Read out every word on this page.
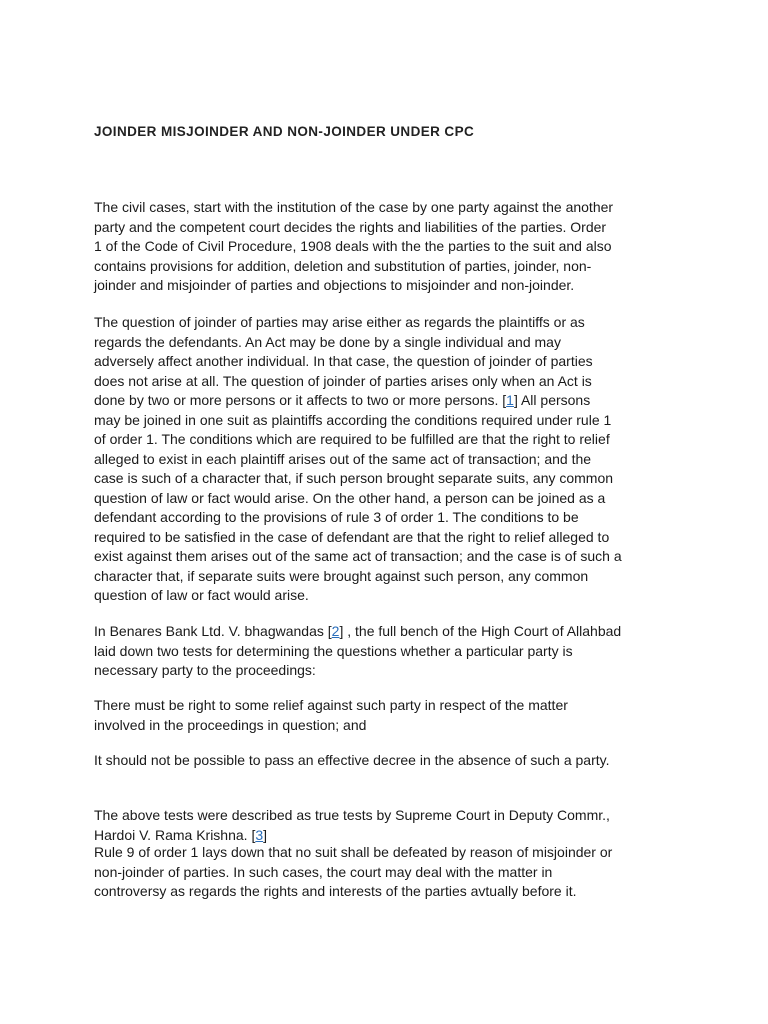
JOINDER MISJOINDER AND NON-JOINDER UNDER CPC
The civil cases, start with the institution of the case by one party against the another
party and the competent court decides the rights and liabilities of the parties. Order
1 of the Code of Civil Procedure, 1908 deals with the the parties to the suit and also
contains provisions for addition, deletion and substitution of parties, joinder, non-
joinder and misjoinder of parties and objections to misjoinder and non-joinder.
The question of joinder of parties may arise either as regards the plaintiffs or as
regards the defendants. An Act may be done by a single individual and may
adversely affect another individual. In that case, the question of joinder of parties
does not arise at all. The question of joinder of parties arises only when an Act is
done by two or more persons or it affects to two or more persons. [1] All persons
may be joined in one suit as plaintiffs according the conditions required under rule 1
of order 1. The conditions which are required to be fulfilled are that the right to relief
alleged to exist in each plaintiff arises out of the same act of transaction; and the
case is such of a character that, if such person brought separate suits, any common
question of law or fact would arise. On the other hand, a person can be joined as a
defendant according to the provisions of rule 3 of order 1. The conditions to be
required to be satisfied in the case of defendant are that the right to relief alleged to
exist against them arises out of the same act of transaction; and the case is of such a
character that, if separate suits were brought against such person, any common
question of law or fact would arise.
In Benares Bank Ltd. V. bhagwandas [2] , the full bench of the High Court of Allahbad
laid down two tests for determining the questions whether a particular party is
necessary party to the proceedings:
There must be right to some relief against such party in respect of the matter
involved in the proceedings in question; and
It should not be possible to pass an effective decree in the absence of such a party.
The above tests were described as true tests by Supreme Court in Deputy Commr.,
Hardoi V. Rama Krishna. [3]
Rule 9 of order 1 lays down that no suit shall be defeated by reason of misjoinder or
non-joinder of parties. In such cases, the court may deal with the matter in
controversy as regards the rights and interests of the parties avtually before it.
